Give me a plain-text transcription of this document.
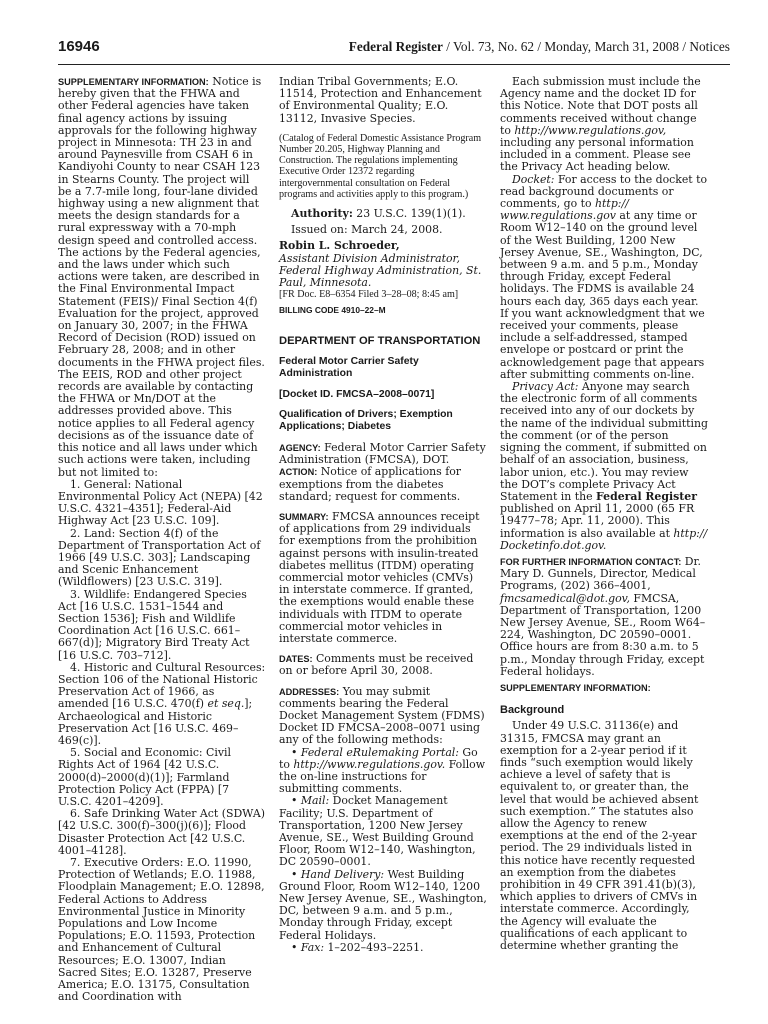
16946	Federal Register / Vol. 73, No. 62 / Monday, March 31, 2008 / Notices

SUPPLEMENTARY INFORMATION: Notice is hereby given that the FHWA and other Federal agencies have taken final agency actions by issuing approvals for the following highway project in Minnesota: TH 23 in and around Paynesville from CSAH 6 in Kandiyohi County to near CSAH 123 in Stearns County. The project will be a 7.7-mile long, four-lane divided highway using a new alignment that meets the design standards for a rural expressway with a 70-mph design speed and controlled access. The actions by the Federal agencies, and the laws under which such actions were taken, are described in the Final Environmental Impact Statement (FEIS)/ Final Section 4(f) Evaluation for the project, approved on January 30, 2007; in the FHWA Record of Decision (ROD) issued on February 28, 2008; and in other documents in the FHWA project files. The EEIS, ROD and other project records are available by contacting the FHWA or Mn/DOT at the addresses provided above. This notice applies to all Federal agency decisions as of the issuance date of this notice and all laws under which such actions were taken, including but not limited to:

1. General: National Environmental Policy Act (NEPA) [42 U.S.C. 4321–4351]; Federal-Aid Highway Act [23 U.S.C. 109].

2. Land: Section 4(f) of the Department of Transportation Act of 1966 [49 U.S.C. 303]; Landscaping and Scenic Enhancement (Wildflowers) [23 U.S.C. 319].

3. Wildlife: Endangered Species Act [16 U.S.C. 1531–1544 and Section 1536]; Fish and Wildlife Coordination Act [16 U.S.C. 661–667(d)]; Migratory Bird Treaty Act [16 U.S.C. 703–712].

4. Historic and Cultural Resources: Section 106 of the National Historic Preservation Act of 1966, as amended [16 U.S.C. 470(f) et seq.]; Archaeological and Historic Preservation Act [16 U.S.C. 469–469(c)].

5. Social and Economic: Civil Rights Act of 1964 [42 U.S.C. 2000(d)–2000(d)(1)]; Farmland Protection Policy Act (FPPA) [7 U.S.C. 4201–4209].

6. Safe Drinking Water Act (SDWA) [42 U.S.C. 300(f)–300(j)(6)]; Flood Disaster Protection Act [42 U.S.C. 4001–4128].

7. Executive Orders: E.O. 11990, Protection of Wetlands; E.O. 11988, Floodplain Management; E.O. 12898, Federal Actions to Address Environmental Justice in Minority Populations and Low Income Populations; E.O. 11593, Protection and Enhancement of Cultural Resources; E.O. 13007, Indian Sacred Sites; E.O. 13287, Preserve America; E.O. 13175, Consultation and Coordination with

Indian Tribal Governments; E.O. 11514, Protection and Enhancement of Environmental Quality; E.O. 13112, Invasive Species.

(Catalog of Federal Domestic Assistance Program Number 20.205, Highway Planning and Construction. The regulations implementing Executive Order 12372 regarding intergovernmental consultation on Federal programs and activities apply to this program.)

Authority: 23 U.S.C. 139(1)(1).

Issued on: March 24, 2008.

Robin L. Schroeder,

Assistant Division Administrator, Federal Highway Administration, St. Paul, Minnesota.

[FR Doc. E8–6354 Filed 3–28–08; 8:45 am]

BILLING CODE 4910–22–M

DEPARTMENT OF TRANSPORTATION

Federal Motor Carrier Safety Administration

[Docket ID. FMCSA–2008–0071]

Qualification of Drivers; Exemption Applications; Diabetes

AGENCY: Federal Motor Carrier Safety Administration (FMCSA), DOT.

ACTION: Notice of applications for exemptions from the diabetes standard; request for comments.

SUMMARY: FMCSA announces receipt of applications from 29 individuals for exemptions from the prohibition against persons with insulin-treated diabetes mellitus (ITDM) operating commercial motor vehicles (CMVs) in interstate commerce. If granted, the exemptions would enable these individuals with ITDM to operate commercial motor vehicles in interstate commerce.

DATES: Comments must be received on or before April 30, 2008.

ADDRESSES: You may submit comments bearing the Federal Docket Management System (FDMS) Docket ID FMCSA–2008–0071 using any of the following methods:

• Federal eRulemaking Portal: Go to http://www.regulations.gov. Follow the on-line instructions for submitting comments.

• Mail: Docket Management Facility; U.S. Department of Transportation, 1200 New Jersey Avenue, SE., West Building Ground Floor, Room W12–140, Washington, DC 20590–0001.

• Hand Delivery: West Building Ground Floor, Room W12–140, 1200 New Jersey Avenue, SE., Washington, DC, between 9 a.m. and 5 p.m., Monday through Friday, except Federal Holidays.

• Fax: 1–202–493–2251.

Each submission must include the Agency name and the docket ID for this Notice. Note that DOT posts all comments received without change to http://www.regulations.gov, including any personal information included in a comment. Please see the Privacy Act heading below.

Docket: For access to the docket to read background documents or comments, go to http:// www.regulations.gov at any time or Room W12–140 on the ground level of the West Building, 1200 New Jersey Avenue, SE., Washington, DC, between 9 a.m. and 5 p.m., Monday through Friday, except Federal holidays. The FDMS is available 24 hours each day, 365 days each year. If you want acknowledgment that we received your comments, please include a self-addressed, stamped envelope or postcard or print the acknowledgement page that appears after submitting comments on-line.

Privacy Act: Anyone may search the electronic form of all comments received into any of our dockets by the name of the individual submitting the comment (or of the person signing the comment, if submitted on behalf of an association, business, labor union, etc.). You may review the DOT’s complete Privacy Act Statement in the Federal Register published on April 11, 2000 (65 FR 19477–78; Apr. 11, 2000). This information is also available at http:// Docketinfo.dot.gov.

FOR FURTHER INFORMATION CONTACT: Dr. Mary D. Gunnels, Director, Medical Programs, (202) 366–4001, fmcsamedical@dot.gov, FMCSA, Department of Transportation, 1200 New Jersey Avenue, SE., Room W64–224, Washington, DC 20590–0001. Office hours are from 8:30 a.m. to 5 p.m., Monday through Friday, except Federal holidays.

SUPPLEMENTARY INFORMATION:

Background

Under 49 U.S.C. 31136(e) and 31315, FMCSA may grant an exemption for a 2-year period if it finds “such exemption would likely achieve a level of safety that is equivalent to, or greater than, the level that would be achieved absent such exemption.” The statutes also allow the Agency to renew exemptions at the end of the 2-year period. The 29 individuals listed in this notice have recently requested an exemption from the diabetes prohibition in 49 CFR 391.41(b)(3), which applies to drivers of CMVs in interstate commerce. Accordingly, the Agency will evaluate the qualifications of each applicant to determine whether granting the
